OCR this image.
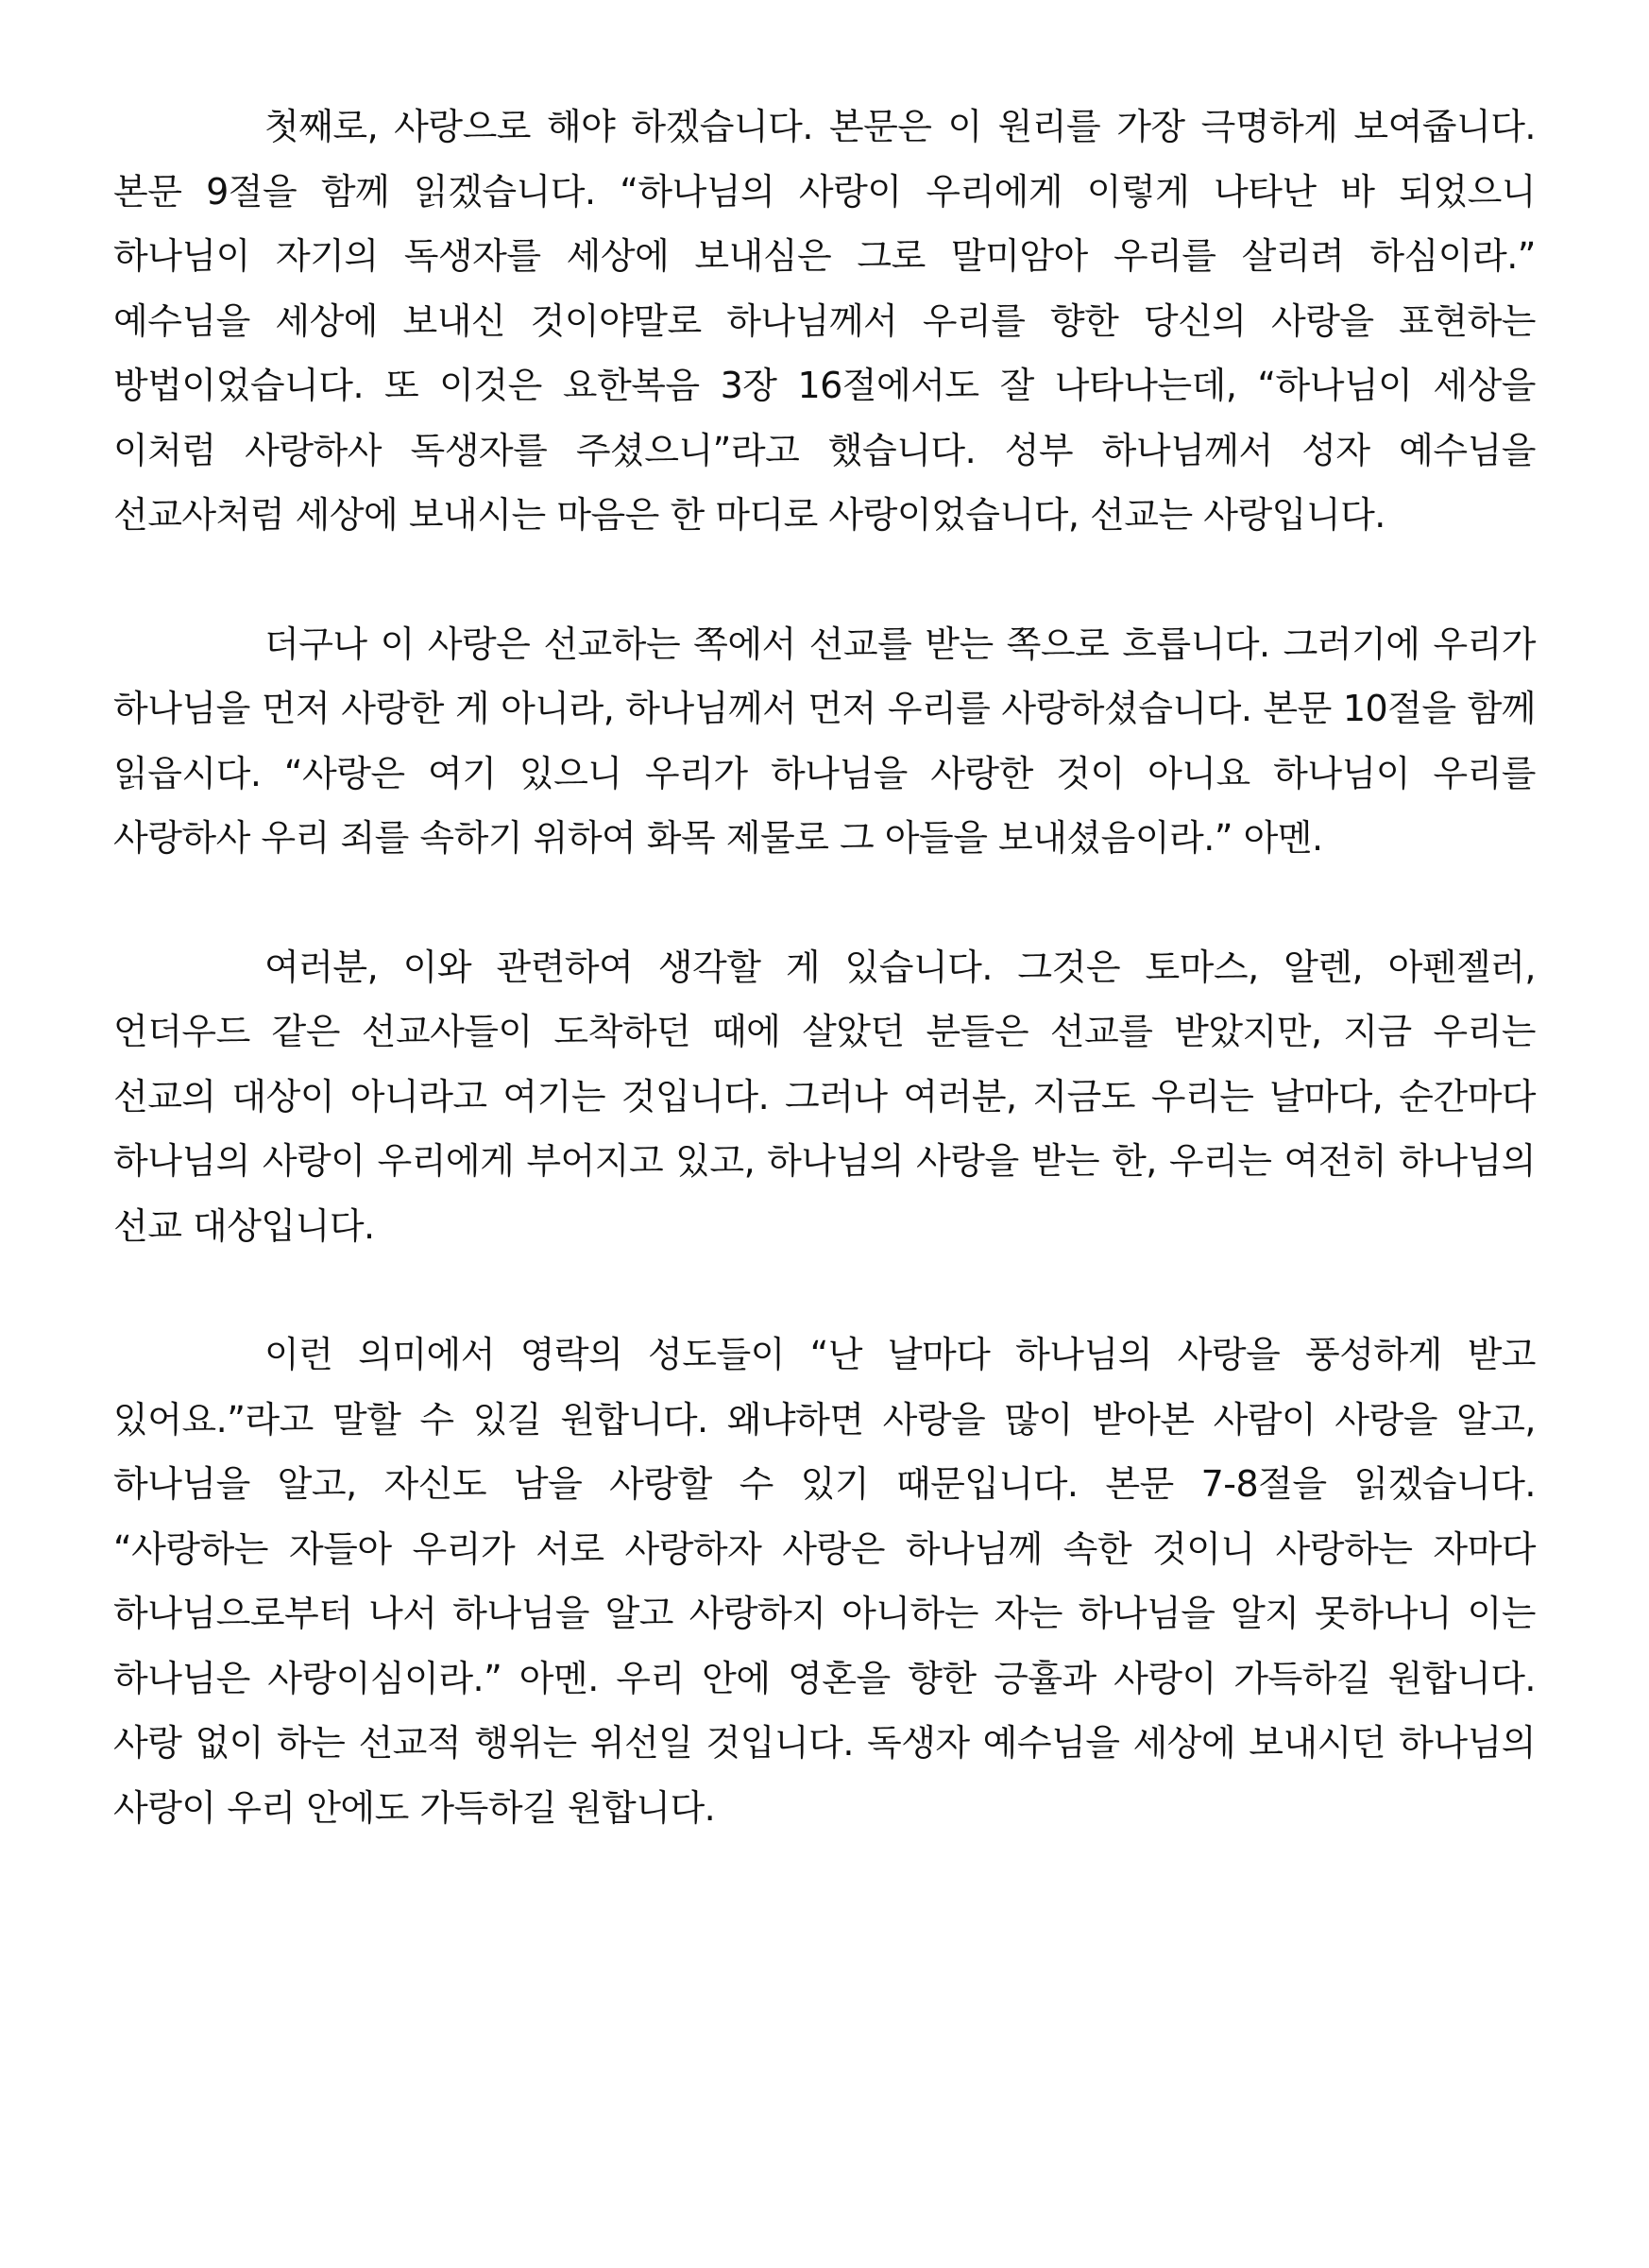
첫째로, 사랑으로 해야 하겠습니다. 본문은 이 원리를 가장 극명하게 보여줍니다. 본문 9절을 함께 읽겠습니다. “하나님의 사랑이 우리에게 이렇게 나타난 바 되었으니 하나님이 자기의 독생자를 세상에 보내심은 그로 말미암아 우리를 살리려 하심이라.” 예수님을 세상에 보내신 것이야말로 하나님께서 우리를 향한 당신의 사랑을 표현하는 방법이었습니다. 또 이것은 요한복음 3장 16절에서도 잘 나타나는데, “하나님이 세상을 이처럼 사랑하사 독생자를 주셨으니”라고 했습니다. 성부 하나님께서 성자 예수님을 선교사처럼 세상에 보내시는 마음은 한 마디로 사랑이었습니다, 선교는 사랑입니다.

더구나 이 사랑은 선교하는 쪽에서 선교를 받는 쪽으로 흐릅니다. 그러기에 우리가 하나님을 먼저 사랑한 게 아니라, 하나님께서 먼저 우리를 사랑하셨습니다. 본문 10절을 함께 읽읍시다. “사랑은 여기 있으니 우리가 하나님을 사랑한 것이 아니요 하나님이 우리를 사랑하사 우리 죄를 속하기 위하여 화목 제물로 그 아들을 보내셨음이라.” 아멘.

여러분, 이와 관련하여 생각할 게 있습니다. 그것은 토마스, 알렌, 아펜젤러, 언더우드 같은 선교사들이 도착하던 때에 살았던 분들은 선교를 받았지만, 지금 우리는 선교의 대상이 아니라고 여기는 것입니다. 그러나 여러분, 지금도 우리는 날마다, 순간마다 하나님의 사랑이 우리에게 부어지고 있고, 하나님의 사랑을 받는 한, 우리는 여전히 하나님의 선교 대상입니다.

이런 의미에서 영락의 성도들이 “난 날마다 하나님의 사랑을 풍성하게 받고 있어요.”라고 말할 수 있길 원합니다. 왜냐하면 사랑을 많이 받아본 사람이 사랑을 알고, 하나님을 알고, 자신도 남을 사랑할 수 있기 때문입니다. 본문 7-8절을 읽겠습니다. “사랑하는 자들아 우리가 서로 사랑하자 사랑은 하나님께 속한 것이니 사랑하는 자마다 하나님으로부터 나서 하나님을 알고 사랑하지 아니하는 자는 하나님을 알지 못하나니 이는 하나님은 사랑이심이라.” 아멘. 우리 안에 영혼을 향한 긍휼과 사랑이 가득하길 원합니다. 사랑 없이 하는 선교적 행위는 위선일 것입니다. 독생자 예수님을 세상에 보내시던 하나님의 사랑이 우리 안에도 가득하길 원합니다.
